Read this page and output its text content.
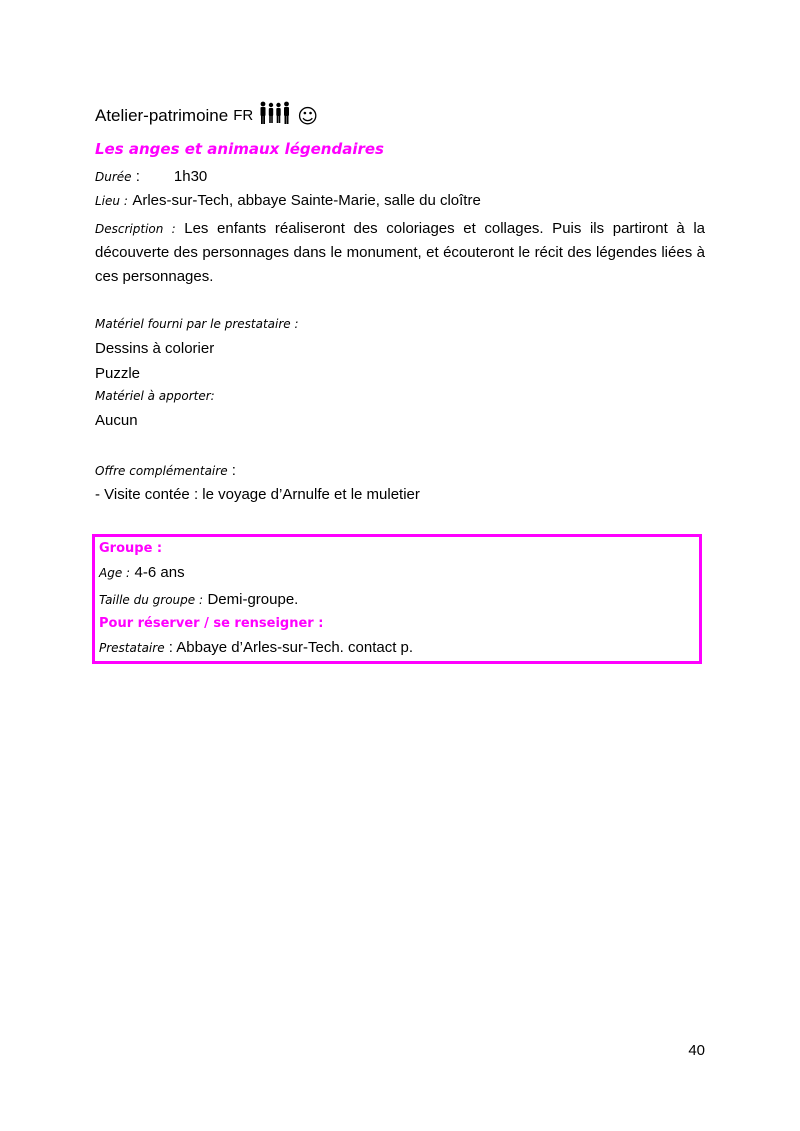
Atelier-patrimoine FR ☺
Les anges et animaux légendaires
Durée : 1h30
Lieu : Arles-sur-Tech, abbaye Sainte-Marie, salle du cloître
Description : Les enfants réaliseront des coloriages et collages. Puis ils partiront à la découverte des personnages dans le monument, et écouteront le récit des légendes liées à ces personnages.
Matériel fourni par le prestataire :
Dessins à colorier
Puzzle
Matériel à apporter:
Aucun
Offre complémentaire :
- Visite contée : le voyage d’Arnulfe et le muletier
Groupe :
Age : 4-6 ans
Taille du groupe : Demi-groupe.
Pour réserver / se renseigner :
Prestataire : Abbaye d’Arles-sur-Tech. contact p.
40
